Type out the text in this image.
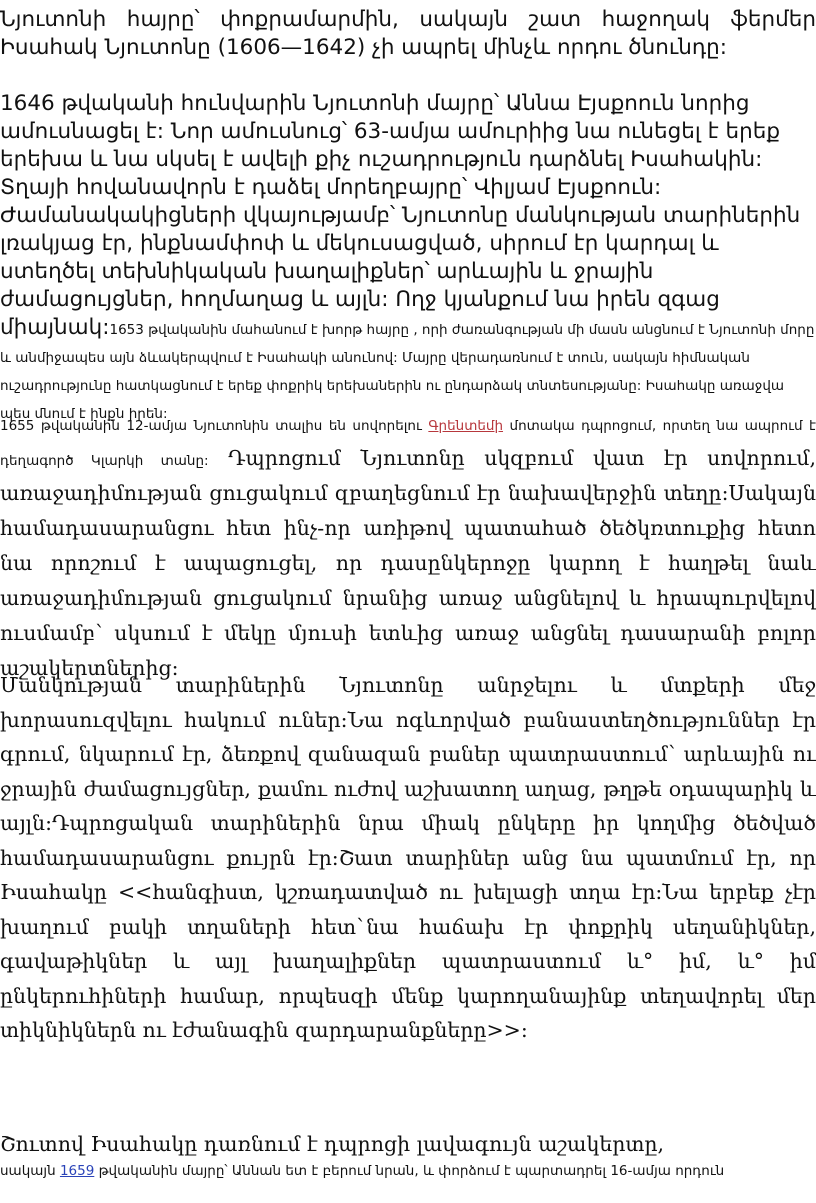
Նյուտոնի հայրը՝ փոքրամարմին, սակայն շատ հաջողակ ֆերմեր
Իսահակ Նյուտոնը (1606—1642) չի ապրել մինչև որդու ծնունդը:
1646 թվականի հունվարին Նյուտոնի մայրը՝ Աննա Էյսքոուն նորից ամուսնացել է: Նոր ամուսնուց՝ 63-ամյա ամուրիից նա ունեցել է երեք երեխա և նա սկսել է ավելի քիչ ուշադրություն դարձնել Իսահակին: Տղայի հովանավորն է դաձել մորեղբայրը՝ Վիլյամ Էյսքոուն: Ժամանակակիցների վկայությամբ՝ Նյուտոնը մանկության տարիներին լռակյաց էր, ինքնամփոփ և մեկուսացված, սիրում էր կարդալ և ստեղծել տեխնիկական խաղալիքներ՝ արևային և ջրային ժամացույցներ, հողմաղաց և այլն: Ողջ կյանքում նա իրեն զգաց միայնակ:1653 թվականին մահանում է խորթ հայրը , որի ժառանգության մի մասն անցնում է Նյուտոնի մորը և անմիջապես այն ձևակերպվում է Իսահակի անունով: Մայրը վերադառնում է տուն, սակայն հիմնական ուշադրությունը հատկացնում է երեք փոքրիկ երեխաներին ու ընդարձակ տնտեսությանը: Իսահակը առաջվա պես մնում է ինքն իրեն:
1655 թվականին 12-ամյա Նյուտոնին տալիս են սովորելու Գրենտեմի մոտակա դպրոցում, որտեղ նա ապրում է դեղագործ Կլարկի տանը: Դպրոցում Նյուտոնը սկզբում վատ էր սովորում, առաջադիմության ցուցակում զբաղեցնում էր նախավերջին տեղը:Սակայն համադասարանցու հետ ինչ-որ առիթով պատահած ծեծկռտուքից հետո նա որոշում է ապացուցել, որ դասընկերոջը կարող է հաղթել նաև առաջադիմության ցուցակում նրանից առաջ անցնելով և հրապուրվելով ուսմամբ՝ սկսում է մեկը մյուսի ետևից առաջ անցնել դասարանի բոլոր աշակերտներից:
Մանկության տարիներին Նյուտոնը անրջելու և մտքերի մեջ խորասուզվելու հակում ուներ:Նա ոգևորված բանաստեղծություններ էր գրում, նկարում էր, ձեռքով զանազան բաներ պատրաստում՝ արևային ու ջրային ժամացույցներ, քամու ուժով աշխատող աղաց, թղթե օդապարիկ և այլն:Դպրոցական տարիներին նրա միակ ընկերը իր կողմից ծեծված համադասարանցու քույրն էր:Շատ տարիներ անց նա պատմում էր, որ Իսահակը <<հանգիստ, կշռադատված ու խելացի տղա էր:Նա երբեք չէր խաղում բակի տղաների հետ`նա հաճախ էր փոքրիկ սեղանիկներ, գավաթիկներ և այլ խաղալիքներ պատրաստում և° իմ, և° իմ ընկերուհիների համար, որպեսզի մենք կարողանայինք տեղավորել մեր տիկնիկներն ու էժանագին զարդարանքները>>:
Շուտով Իսահակը դառնում է դպրոցի լավագույն աշակերտը,
սակայն 1659 թվականին մայրը՝ Աննան ետ է բերում նրան, և փորձում է պարտադրել 16-ամյա որդուն
